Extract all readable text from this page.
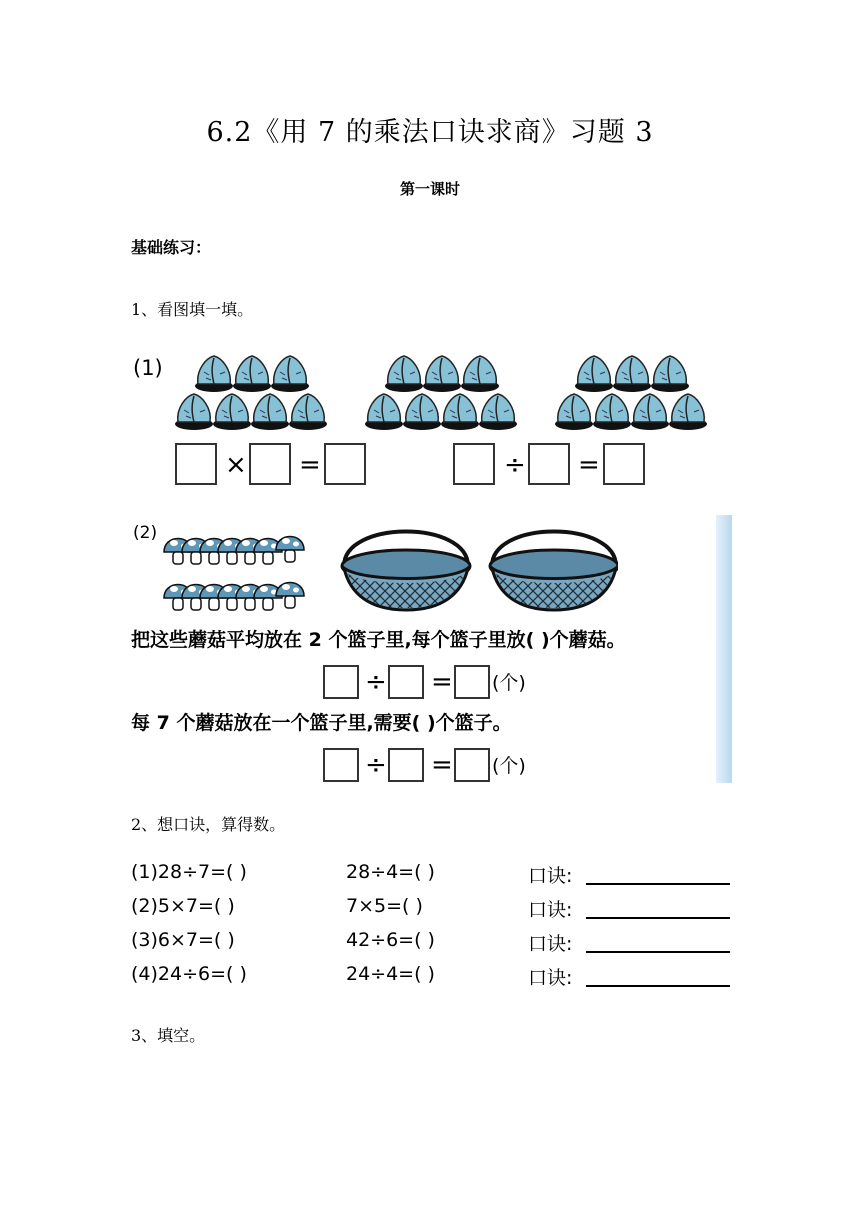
6.2《用 7 的乘法口诀求商》习题 3
第一课时
基础练习：
1、看图填一填。
(1)
× =	÷ =
(2)
把这些蘑菇平均放在 2 个篮子里,每个篮子里放( )个蘑菇。
÷ = (个)
每 7 个蘑菇放在一个篮子里,需要( )个篮子。
÷ = (个)
2、想口诀，算得数。
(1)28÷7=( )	28÷4=( )	口诀:
(2)5×7=( )	7×5=( )	口诀:
(3)6×7=( )	42÷6=( )	口诀:
(4)24÷6=( )	24÷4=( )	口诀:
3、填空。
